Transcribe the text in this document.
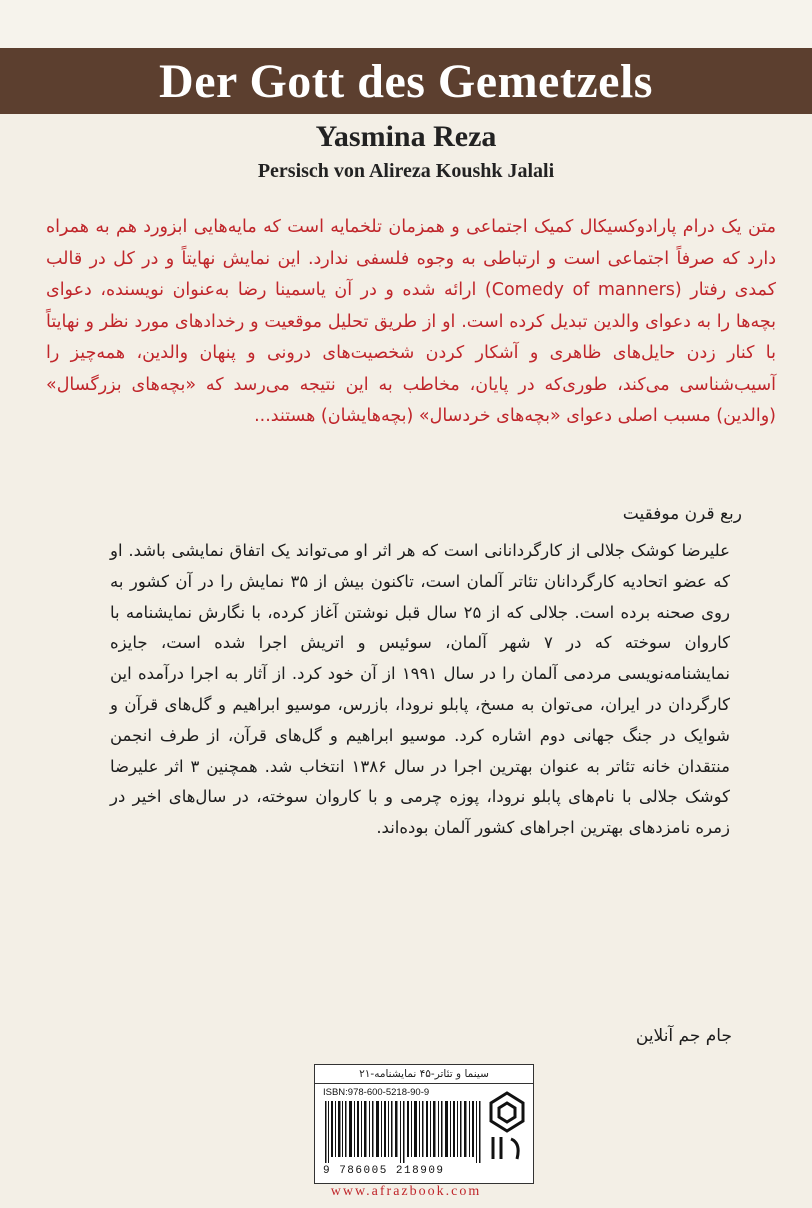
Der Gott des Gemetzels
Yasmina Reza
Persisch von Alireza Koushk Jalali
متن یک درام پارادوکسیکال کمیک اجتماعی و همزمان تلخمایه است که مایه‌هایی ابزورد هم به همراه دارد که صرفاً اجتماعی است و ارتباطی به وجوه فلسفی ندارد. این نمایش نهایتاً و در کل در قالب کمدی رفتار (Comedy of manners) ارائه شده و در آن یاسمینا رضا به‌عنوان نویسنده، دعوای بچه‌ها را به دعوای والدین تبدیل کرده است. او از طریق تحلیل موقعیت و رخدادهای مورد نظر و نهایتاً با کنار زدن حایل‌های ظاهری و آشکار کردن شخصیت‌های درونی و پنهان والدین، همه‌چیز را آسیب‌شناسی می‌کند، طوری‌که در پایان، مخاطب به این نتیجه می‌رسد که «بچه‌های بزرگسال» (والدین) مسبب اصلی دعوای «بچه‌های خردسال» (بچه‌هایشان) هستند...
ربع قرن موفقیت
علیرضا کوشک جلالی از کارگردانانی است که هر اثر او می‌تواند یک اتفاق نمایشی باشد. او که عضو اتحادیه کارگردانان تئاتر آلمان است، تاکنون بیش از ۳۵ نمایش را در آن کشور به روی صحنه برده است. جلالی که از ۲۵ سال قبل نوشتن آغاز کرده، با نگارش نمایشنامه با کاروان سوخته که در ۷ شهر آلمان، سوئیس و اتریش اجرا شده است، جایزه نمایشنامه‌نویسی مردمی آلمان را در سال ۱۹۹۱ از آن خود کرد. از آثار به اجرا درآمده این کارگردان در ایران، می‌توان به مسخ، پابلو نرودا، بازرس، موسیو ابراهیم و گل‌های قرآن و شوایک در جنگ جهانی دوم اشاره کرد. موسیو ابراهیم و گل‌های قرآن، از طرف انجمن منتقدان خانه تئاتر به عنوان بهترین اجرا در سال ۱۳۸۶ انتخاب شد. همچنین ۳ اثر علیرضا کوشک جلالی با نام‌های پابلو نرودا، پوزه چرمی و با کاروان سوخته، در سال‌های اخیر در زمره نامزدهای بهترین اجراهای کشور آلمان بوده‌اند.
جام جم آنلاین
سینما و تئاتر-۴۵ نمایشنامه-۲۱
ISBN:978-600-5218-90-9
9 786005 218909
www.afrazbook.com
